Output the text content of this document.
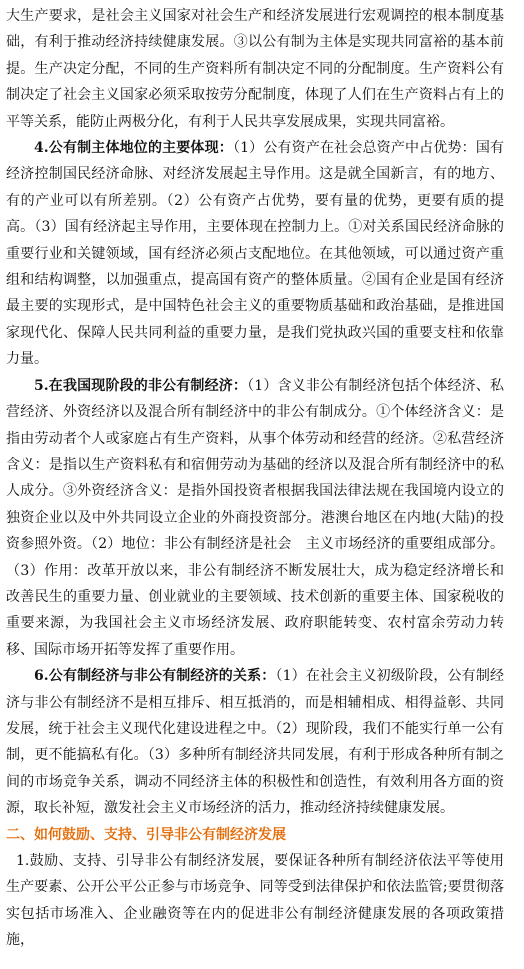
大生产要求，是社会主义国家对社会生产和经济发展进行宏观调控的根本制度基础，有利于推动经济持续健康发展。③以公有制为主体是实现共同富裕的基本前提。生产决定分配，不同的生产资料所有制决定不同的分配制度。生产资料公有制决定了社会主义国家必须采取按劳分配制度，体现了人们在生产资料占有上的平等关系，能防止两极分化，有利于人民共享发展成果，实现共同富裕。

4.公有制主体地位的主要体现：（1）公有资产在社会总资产中占优势：国有经济控制国民经济命脉、对经济发展起主导作用。这是就全国新言，有的地方、有的产业可以有所差别。（2）公有资产占优势，要有量的优势，更要有质的提高。（3）国有经济起主导作用，主要体现在控制力上。①对关系国民经济命脉的重要行业和关键领域，国有经济必须占支配地位。在其他领域，可以通过资产重组和结构调整，以加强重点，提高国有资产的整体质量。②国有企业是国有经济最主要的实现形式，是中国特色社会主义的重要物质基础和政治基础，是推进国家现代化、保障人民共同利益的重要力量，是我们党执政兴国的重要支柱和依靠力量。

5.在我国现阶段的非公有制经济：（1）含义非公有制经济包括个体经济、私营经济、外资经济以及混合所有制经济中的非公有制成分。①个体经济含义：是指由劳动者个人或家庭占有生产资料，从事个体劳动和经营的经济。②私营经济含义：是指以生产资料私有和宿佣劳动为基础的经济以及混合所有制经济中的私人成分。③外资经济含义：是指外国投资者根据我国法律法规在我国境内设立的独资企业以及中外共同设立企业的外商投资部分。港澳台地区在内地(大陆)的投资参照外资。（2）地位：非公有制经济是社会　主义市场经济的重要组成部分。（3）作用：改革开放以来，非公有制经济不断发展壮大，成为稳定经济增长和改善民生的重要力量、创业就业的主要领域、技术创新的重要主体、国家税收的重要来源，为我国社会主义市场经济发展、政府职能转变、农村富余劳动力转移、国际市场开拓等发挥了重要作用。

6.公有制经济与非公有制经济的关系：（1）在社会主义初级阶段，公有制经济与非公有制经济不是相互排斥、相互抵消的，而是相辅相成、相得益彰、共同发展，统于社会主义现代化建设进程之中。（2）现阶段，我们不能实行单一公有制，更不能搞私有化。（3）多种所有制经济共同发展，有利于形成各种所有制之间的市场竞争关系，调动不同经济主体的积极性和创造性，有效利用各方面的资源，取长补短，激发社会主义市场经济的活力，推动经济持续健康发展。

二、如何鼓励、支持、引导非公有制经济发展

1.鼓励、支持、引导非公有制经济发展，要保证各种所有制经济依法平等使用生产要素、公开公平公正参与市场竞争、同等受到法律保护和依法监管;要贯彻落实包括市场准入、企业融资等在内的促进非公有制经济健康发展的各项政策措施，
